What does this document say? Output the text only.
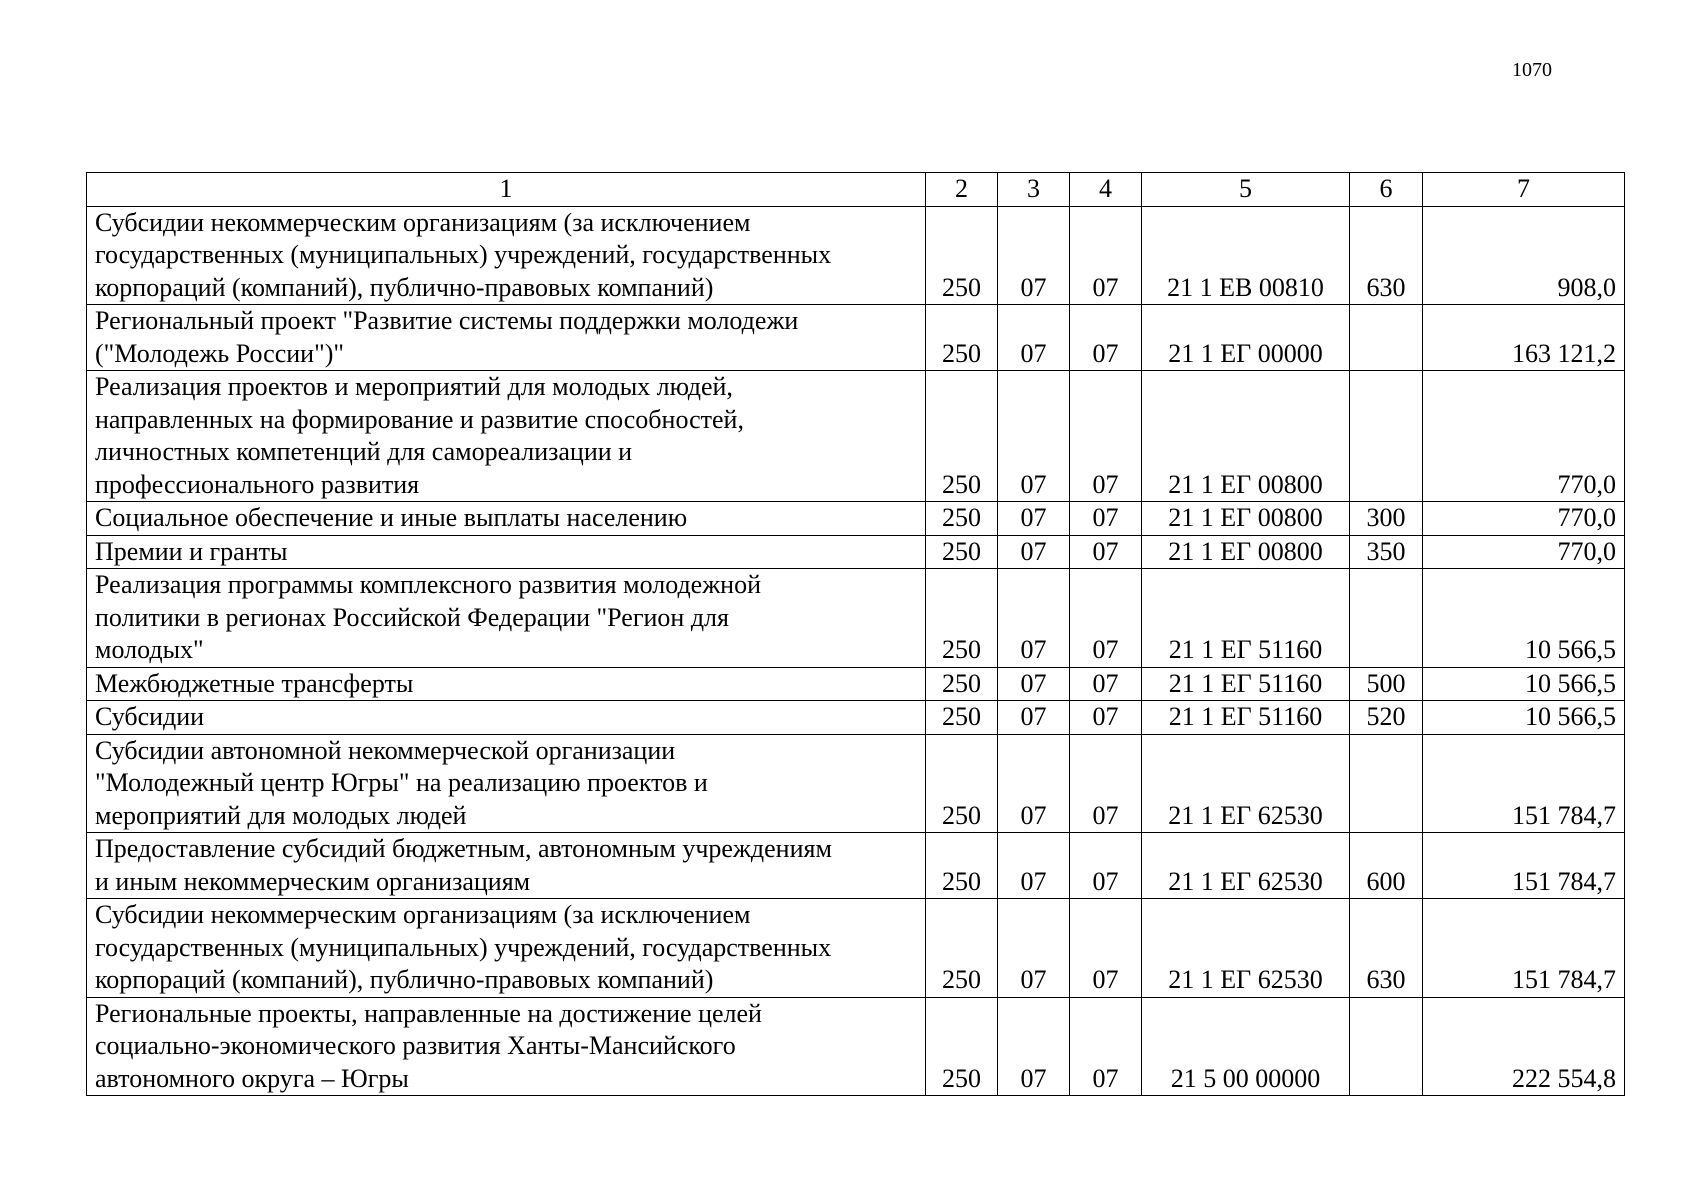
1070
1	2	3	4	5	6	7
Субсидии некоммерческим организациям (за исключением
государственных (муниципальных) учреждений, государственных
корпораций (компаний), публично-правовых компаний)	250	07	07	21 1 EB 00810	630	908,0
Региональный проект "Развитие системы поддержки молодежи
("Молодежь России")"	250	07	07	21 1 EГ 00000		163 121,2
Реализация проектов и мероприятий для молодых людей,
направленных на формирование и развитие способностей,
личностных компетенций для самореализации и
профессионального развития	250	07	07	21 1 EГ 00800		770,0
Социальное обеспечение и иные выплаты населению	250	07	07	21 1 EГ 00800	300	770,0
Премии и гранты	250	07	07	21 1 EГ 00800	350	770,0
Реализация программы комплексного развития молодежной
политики в регионах Российской Федерации "Регион для
молодых"	250	07	07	21 1 EГ 51160		10 566,5
Межбюджетные трансферты	250	07	07	21 1 EГ 51160	500	10 566,5
Субсидии	250	07	07	21 1 EГ 51160	520	10 566,5
Субсидии автономной некоммерческой организации
"Молодежный центр Югры" на реализацию проектов и
мероприятий для молодых людей	250	07	07	21 1 EГ 62530		151 784,7
Предоставление субсидий бюджетным, автономным учреждениям
и иным некоммерческим организациям	250	07	07	21 1 EГ 62530	600	151 784,7
Субсидии некоммерческим организациям (за исключением
государственных (муниципальных) учреждений, государственных
корпораций (компаний), публично-правовых компаний)	250	07	07	21 1 EГ 62530	630	151 784,7
Региональные проекты, направленные на достижение целей
социально-экономического развития Ханты-Мансийского
автономного округа – Югры	250	07	07	21 5 00 00000		222 554,8
